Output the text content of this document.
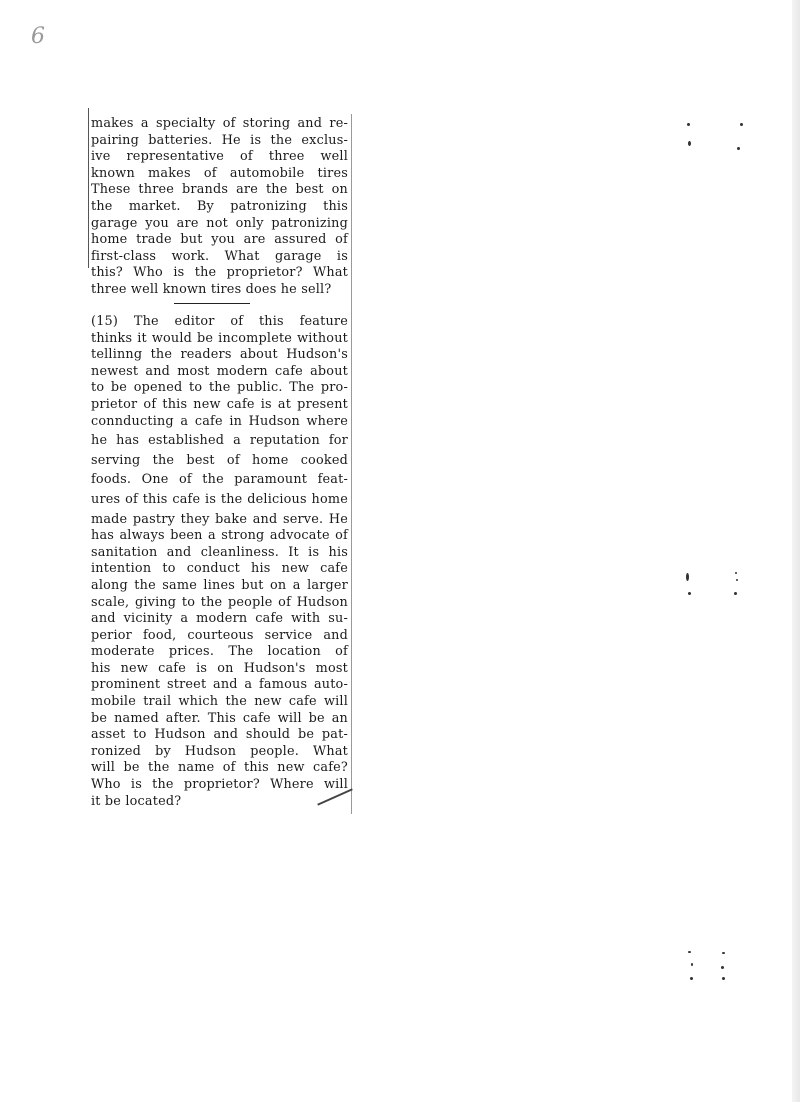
6
makes a specialty of storing and re-
pairing batteries. He is the exclus-
ive representative of three well
known makes of automobile tires
These three brands are the best on
the market. By patronizing this
garage you are not only patronizing
home trade but you are assured of
first-class work. What garage is
this? Who is the proprietor? What
three well known tires does he sell?
(15) The editor of this feature
thinks it would be incomplete without
tellinng the readers about Hudson's
newest and most modern cafe about
to be opened to the public. The pro-
prietor of this new cafe is at present
connducting a cafe in Hudson where
he has established a reputation for
serving the best of home cooked
foods. One of the paramount feat-
ures of this cafe is the delicious home
made pastry they bake and serve. He
has always been a strong advocate of
sanitation and cleanliness. It is his
intention to conduct his new cafe
along the same lines but on a larger
scale, giving to the people of Hudson
and vicinity a modern cafe with su-
perior food, courteous service and
moderate prices. The location of
his new cafe is on Hudson's most
prominent street and a famous auto-
mobile trail which the new cafe will
be named after. This cafe will be an
asset to Hudson and should be pat-
ronized by Hudson people. What
will be the name of this new cafe?
Who is the proprietor? Where will
it be located?
